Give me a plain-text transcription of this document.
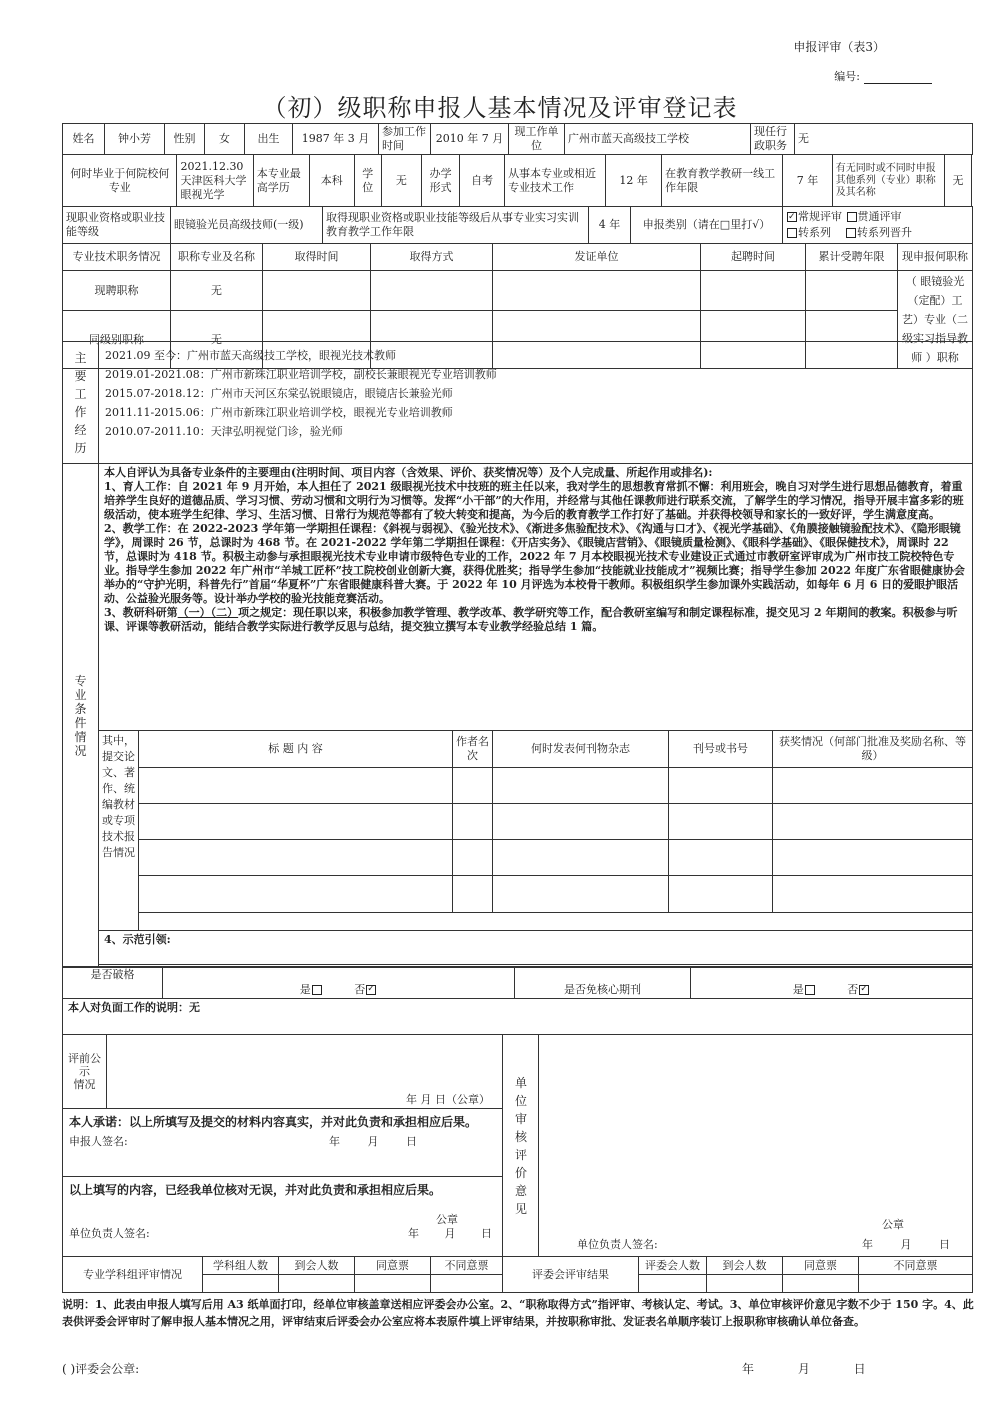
申报评审（表3）
编号:
（初）级职称申报人基本情况及评审登记表
姓名	钟小芳	性别	女	出生	1987 年 3 月	参加工作时间	2010 年 7 月	现工作单位	广州市蓝天高级技工学校	现任行政职务	无
何时毕业于何院校何专业	2021.12.30 天津医科大学 眼视光学	本专业最高学历	本科	学位	无	办学形式	自考	从事本专业或相近专业技术工作	12 年	在教育教学教研一线工作年限	7 年	有无同时或不同时申报其他系列（专业）职称及其名称	无
现职业资格或职业技能等级	眼镜验光员高级技师(一级)	取得现职业资格或职业技能等级后从事专业实习实训教育教学工作年限	4 年	申报类别（请在□里打√）	✓常规评审 贯通评审
转系列 转系列晋升
专业技术职务情况	职称专业及名称	取得时间	取得方式	发证单位	起聘时间	累计受聘年限	现申报何职称
现聘职称	无						（ 眼镜验光（定配）工艺）专业（二级实习指导教师 ）职称
同级别职称	无						
主要工作经历	

2021.09 至今：广州市蓝天高级技工学校，眼视光技术教师

2019.01-2021.08：广州市新珠江职业培训学校，副校长兼眼视光专业培训教师

2015.07-2018.12：广州市天河区东棠弘锐眼镜店，眼镜店长兼验光师

2011.11-2015.06：广州市新珠江职业培训学校，眼视光专业培训教师

2010.07-2011.10：天津弘明视觉门诊，验光师

专业条件情况	

本人自评认为具备专业条件的主要理由(注明时间、项目内容（含效果、评价、获奖情况等）及个人完成量、所起作用或排名):

1、育人工作：自 2021 年 9 月开始，本人担任了 2021 级眼视光技术中技班的班主任以来，我对学生的思想教育常抓不懈：利用班会，晚自习对学生进行思想品德教育，着重培养学生良好的道德品质、学习习惯、劳动习惯和文明行为习惯等。发挥“小干部”的大作用，并经常与其他任课教师进行联系交流，了解学生的学习情况，指导开展丰富多彩的班级活动，使本班学生纪律、学习、生活习惯、日常行为规范等都有了较大转变和提高，为今后的教育教学工作打好了基础。并获得校领导和家长的一致好评，学生满意度高。

2、教学工作：在 2022-2023 学年第一学期担任课程：《斜视与弱视》、《验光技术》、《渐进多焦验配技术》、《沟通与口才》、《视光学基础》、《角膜接触镜验配技术》、《隐形眼镜学》，周课时 26 节，总课时为 468 节。在 2021-2022 学年第二学期担任课程：《开店实务》、《眼镜店营销》、《眼镜质量检测》、《眼科学基础》、《眼保健技术》，周课时 22 节，总课时为 418 节。积极主动参与承担眼视光技术专业申请市级特色专业的工作，2022 年 7 月本校眼视光技术专业建设正式通过市教研室评审成为广州市技工院校特色专业。指导学生参加 2022 年广州市“羊城工匠杯”技工院校创业创新大赛，获得优胜奖；指导学生参加“技能就业技能成才”视频比赛；指导学生参加 2022 年度广东省眼健康协会举办的“守护光明，科普先行”首届“华夏杯”广东省眼健康科普大赛。于 2022 年 10 月评选为本校骨干教师。积极组织学生参加课外实践活动，如每年 6 月 6 日的爱眼护眼活动、公益验光服务等。设计举办学校的验光技能竞赛活动。

3、教研科研第（一）（二）项之规定：现任职以来，积极参加教学管理、教学改革、教学研究等工作，配合教研室编写和制定课程标准，提交见习 2 年期间的教案。积极参与听课、评课等教研活动，能结合教学实际进行教学反思与总结，提交独立撰写本专业教学经验总结 1 篇。

其中，提交论文、著作、统编教材或专项技术报告情况	
标 题 内 容	作者名次	何时发表何刊物杂志	刊号或书号	获奖情况（何部门批准及奖励名称、等级）

4、示范引领:

是否破格	是	否✓	是否免核心期刊	是	否✓
本人对负面工作的说明：无
评前公示
情况	年 月 日（公章）	单位审核评价意见	
公章
单位负责人签名:	年 月 日

本人承诺：以上所填写及提交的材料内容真实，并对此负责和承担相应后果。
申报人签名:	年 月 日

以上填写的内容，已经我单位核对无误，并对此负责和承担相应后果。
公章
单位负责人签名:	年 月 日
专业学科组评审情况	学科组人数	到会人数	同意票	不同意票	评委会评审结果	评委会人数	到会人数	同意票	不同意票

说明：1、此表由申报人填写后用 A3 纸单面打印，经单位审核盖章送相应评委会办公室。2、“职称取得方式”指评审、考核认定、考试。3、单位审核评价意见字数不少于 150 字。4、此表供评委会评审时了解申报人基本情况之用，评审结束后评委会办公室应将本表原件填上评审结果，并按职称审批、发证表名单顺序装订上报职称审核确认单位备查。
( )评委会公章:	年 月 日
